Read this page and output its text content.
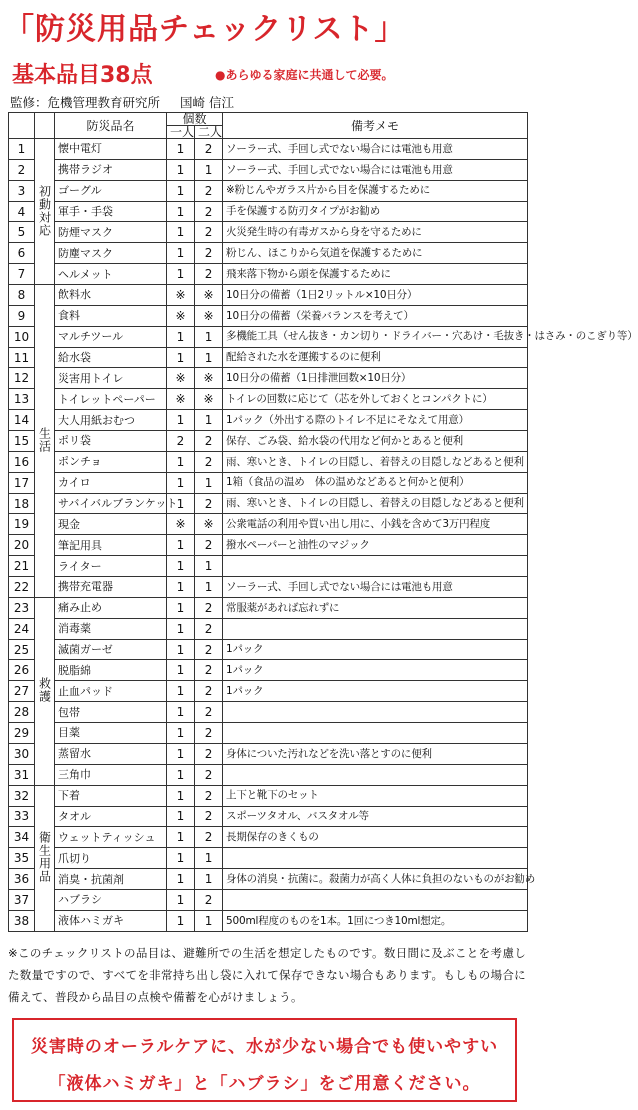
「防災用品チェックリスト」
基本品目38点	●あらゆる家庭に共通して必要。
監修：危機管理教育研究所 国崎 信江
		防災品名	個数		備考メモ
			一人	二人	
1	初動対応	懐中電灯	1	2	ソーラー式、手回し式でない場合には電池も用意
2		携帯ラジオ	1	1	ソーラー式、手回し式でない場合には電池も用意
3		ゴーグル	1	2	※粉じんやガラス片から目を保護するために
4		軍手・手袋	1	2	手を保護する防刃タイプがお勧め
5		防煙マスク	1	2	火災発生時の有毒ガスから身を守るために
6		防塵マスク	1	2	粉じん、ほこりから気道を保護するために
7		ヘルメット	1	2	飛来落下物から頭を保護するために
8	生活	飲料水	※	※	10日分の備蓄（1日2リットル×10日分）
9		食料	※	※	10日分の備蓄（栄養バランスを考えて）
10		マルチツール	1	1	多機能工具（せん抜き・カン切り・ドライバー・穴あけ・毛抜き・はさみ・のこぎり等）
11		給水袋	1	1	配給された水を運搬するのに便利
12		災害用トイレ	※	※	10日分の備蓄（1日排泄回数×10日分）
13		トイレットペーパー	※	※	トイレの回数に応じて（芯を外しておくとコンパクトに）
14		大人用紙おむつ	1	1	1パック（外出する際のトイレ不足にそなえて用意）
15		ポリ袋	2	2	保存、ごみ袋、給水袋の代用など何かとあると便利
16		ポンチョ	1	2	雨、寒いとき、トイレの目隠し、着替えの目隠しなどあると便利
17		カイロ	1	1	1箱（食品の温め　体の温めなどあると何かと便利）
18		サバイバルブランケット	1	2	雨、寒いとき、トイレの目隠し、着替えの目隠しなどあると便利
19		現金	※	※	公衆電話の利用や買い出し用に、小銭を含めて3万円程度
20		筆記用具	1	2	撥水ペーパーと油性のマジック
21		ライター	1	1	
22		携帯充電器	1	1	ソーラー式、手回し式でない場合には電池も用意
23	救護	痛み止め	1	2	常服薬があれば忘れずに
24		消毒薬	1	2	
25		滅菌ガーゼ	1	2	1パック
26		脱脂綿	1	2	1パック
27		止血パッド	1	2	1パック
28		包帯	1	2	
29		目薬	1	2	
30		蒸留水	1	2	身体についた汚れなどを洗い落とすのに便利
31		三角巾	1	2	
32	衛生用品	下着	1	2	上下と靴下のセット
33		タオル	1	2	スポーツタオル、バスタオル等
34		ウェットティッシュ	1	2	長期保存のきくもの
35		爪切り	1	1	
36		消臭・抗菌剤	1	1	身体の消臭・抗菌に。殺菌力が高く人体に負担のないものがお勧め
37		ハブラシ	1	2	
38		液体ハミガキ	1	1	500ml程度のものを1本。1回につき10ml想定。
※このチェックリストの品目は、避難所での生活を想定したものです。数日間に及ぶことを考慮した数量ですので、すべてを非常持ち出し袋に入れて保存できない場合もあります。もしもの場合に備えて、普段から品目の点検や備蓄を心がけましょう。
災害時のオーラルケアに、水が少ない場合でも使いやすい
「液体ハミガキ」と「ハブラシ」をご用意ください。
